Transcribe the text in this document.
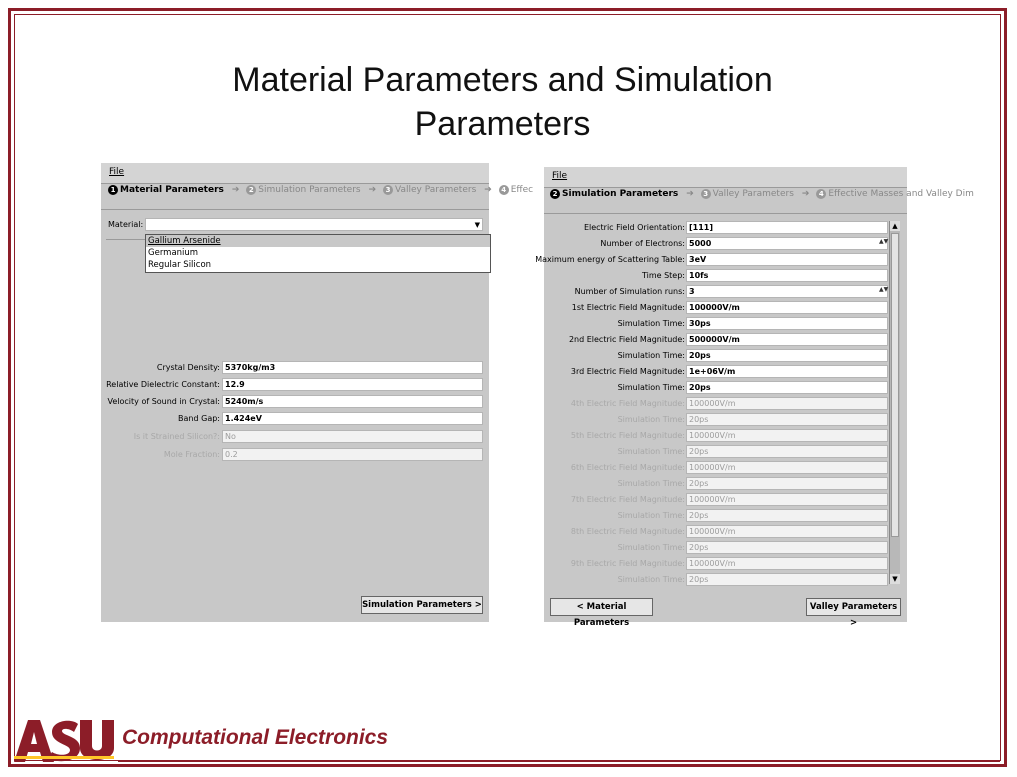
Material Parameters and Simulation
Parameters
File
1 Material Parameters ➔	2 Simulation Parameters ➔	3 Valley Parameters ➔	4 Effec
Material:	▼
Gallium Arsenide
Germanium
Regular Silicon
Crystal Density: 5370kg/m3
Relative Dielectric Constant: 12.9
Velocity of Sound in Crystal: 5240m/s
Band Gap: 1.424eV
Is it Strained Silicon?: No
Mole Fraction: 0.2
Simulation Parameters >
File
2 Simulation Parameters ➔	3 Valley Parameters ➔	4 Effective Masses and Valley Dim
Electric Field Orientation: [111]
Number of Electrons: 5000	▲▼
Maximum energy of Scattering Table: 3eV
Time Step: 10fs
Number of Simulation runs: 3	▲▼
1st Electric Field Magnitude: 100000V/m
Simulation Time: 30ps
2nd Electric Field Magnitude: 500000V/m
Simulation Time: 20ps
3rd Electric Field Magnitude: 1e+06V/m
Simulation Time: 20ps
4th Electric Field Magnitude: 100000V/m
Simulation Time: 20ps
5th Electric Field Magnitude: 100000V/m
Simulation Time: 20ps
6th Electric Field Magnitude: 100000V/m
Simulation Time: 20ps
7th Electric Field Magnitude: 100000V/m
Simulation Time: 20ps
8th Electric Field Magnitude: 100000V/m
Simulation Time: 20ps
9th Electric Field Magnitude: 100000V/m
Simulation Time: 20ps
▲
▼
< Material Parameters
Valley Parameters >
Computational Electronics
